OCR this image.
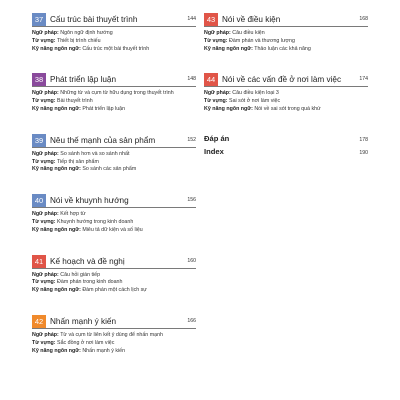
37 Cấu trúc bài thuyết trình	144
Ngữ pháp: Ngôn ngữ định hướng
Từ vựng: Thiết bị trình chiếu
Kỹ năng ngôn ngữ: Cấu trúc một bài thuyết trình
38 Phát triển lập luận	148
Ngữ pháp: Những từ và cụm từ hữu dụng trong thuyết trình
Từ vựng: Bài thuyết trình
Kỹ năng ngôn ngữ: Phát triển lập luận
39 Nêu thế mạnh của sản phẩm	152
Ngữ pháp: So sánh hơn và so sánh nhất
Từ vựng: Tiếp thị sản phẩm
Kỹ năng ngôn ngữ: So sánh các sản phẩm
40 Nói về khuynh hướng	156
Ngữ pháp: Kết hợp từ
Từ vựng: Khuynh hướng trong kinh doanh
Kỹ năng ngôn ngữ: Miêu tả dữ kiện và số liệu
41 Kế hoạch và đề nghị	160
Ngữ pháp: Câu hỏi gián tiếp
Từ vựng: Đàm phán trong kinh doanh
Kỹ năng ngôn ngữ: Đàm phán một cách lịch sự
42 Nhấn mạnh ý kiến	166
Ngữ pháp: Từ và cụm từ liên kết ý dùng để nhấn mạnh
Từ vựng: Sắc đồng ở nơi làm việc
Kỹ năng ngôn ngữ: Nhấn mạnh ý kiến
43 Nói về điều kiện	168
Ngữ pháp: Câu điều kiện
Từ vựng: Đàm phán và thương lượng
Kỹ năng ngôn ngữ: Thảo luận các khả năng
44 Nói về các vấn đề ở nơi làm việc	174
Ngữ pháp: Câu điều kiện loại 3
Từ vựng: Sai sót ở nơi làm việc
Kỹ năng ngôn ngữ: Nói về sai sót trong quá khứ
Đáp án	178
Index	190
